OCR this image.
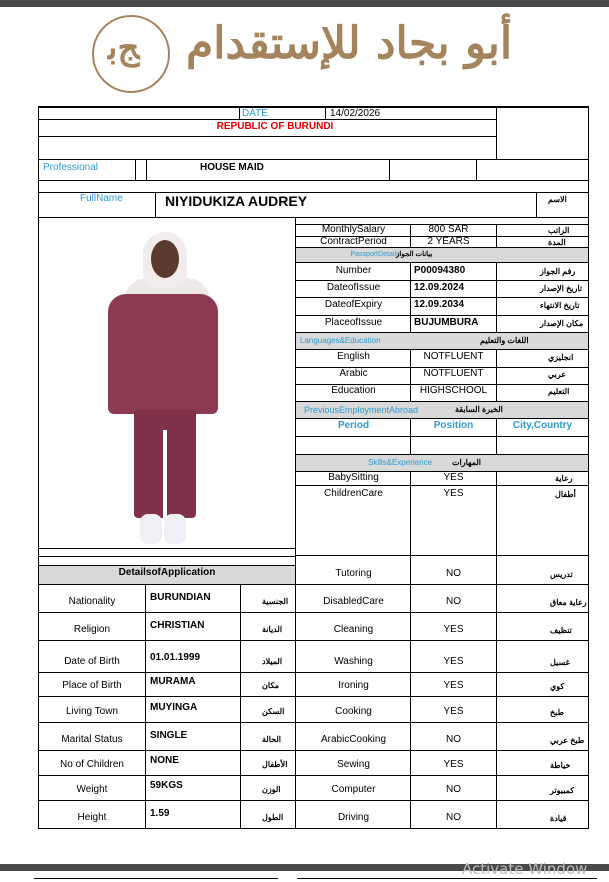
ﺞﺑ أبو بجاد للإستقدام
DATE	14/02/2026
REPUBLIC OF BURUNDI
Professional	HOUSE MAID
FullName	NIYIDUKIZA AUDREY	الاسم
DetailsofApplication
MonthlySalary	800 SAR	الراتب
ContractPeriod	2 YEARS	المدة
PassportDetails
بيانات الجواز
Number	P00094380	رقم الجواز
DateofIssue	12.09.2024	تاريخ الإصدار
DateofExpiry	12.09.2034	تاريخ الانتهاء
PlaceofIssue	BUJUMBURA	مكان الإصدار
Languages&Education	اللغات والتعليم
English	NOTFLUENT	انجليزي
Arabic	NOTFLUENT	عربي
Education	HIGHSCHOOL	التعليم
PreviousEmploymentAbroad	الخبرة السابقة
Period	Position	City,Country
Skills&Experience	المهارات
BabySitting	YES	رعاية
ChildrenCare	YES	أطفال
Tutoring	NO	تدريس
DisabledCare	NO	رعاية معاق
Nationality	BURUNDIAN	الجنسية
Cleaning	YES	تنظيف
Religion	CHRISTIAN	الديانة
Washing	YES	غسيل
Date of Birth	01.01.1999	الميلاد
Ironing	YES	كوي
Place of Birth	MURAMA	مكان
Cooking	YES	طبخ
Living Town	MUYINGA	السكن
ArabicCooking	NO	طبخ عربي
Marital Status	SINGLE	الحالة
Sewing	YES	خياطة
No of Children	NONE	الأطفال
Computer	NO	كمبيوتر
Weight	59KGS	الوزن
Driving	NO	قيادة
Height	1.59	الطول
Activate Window
